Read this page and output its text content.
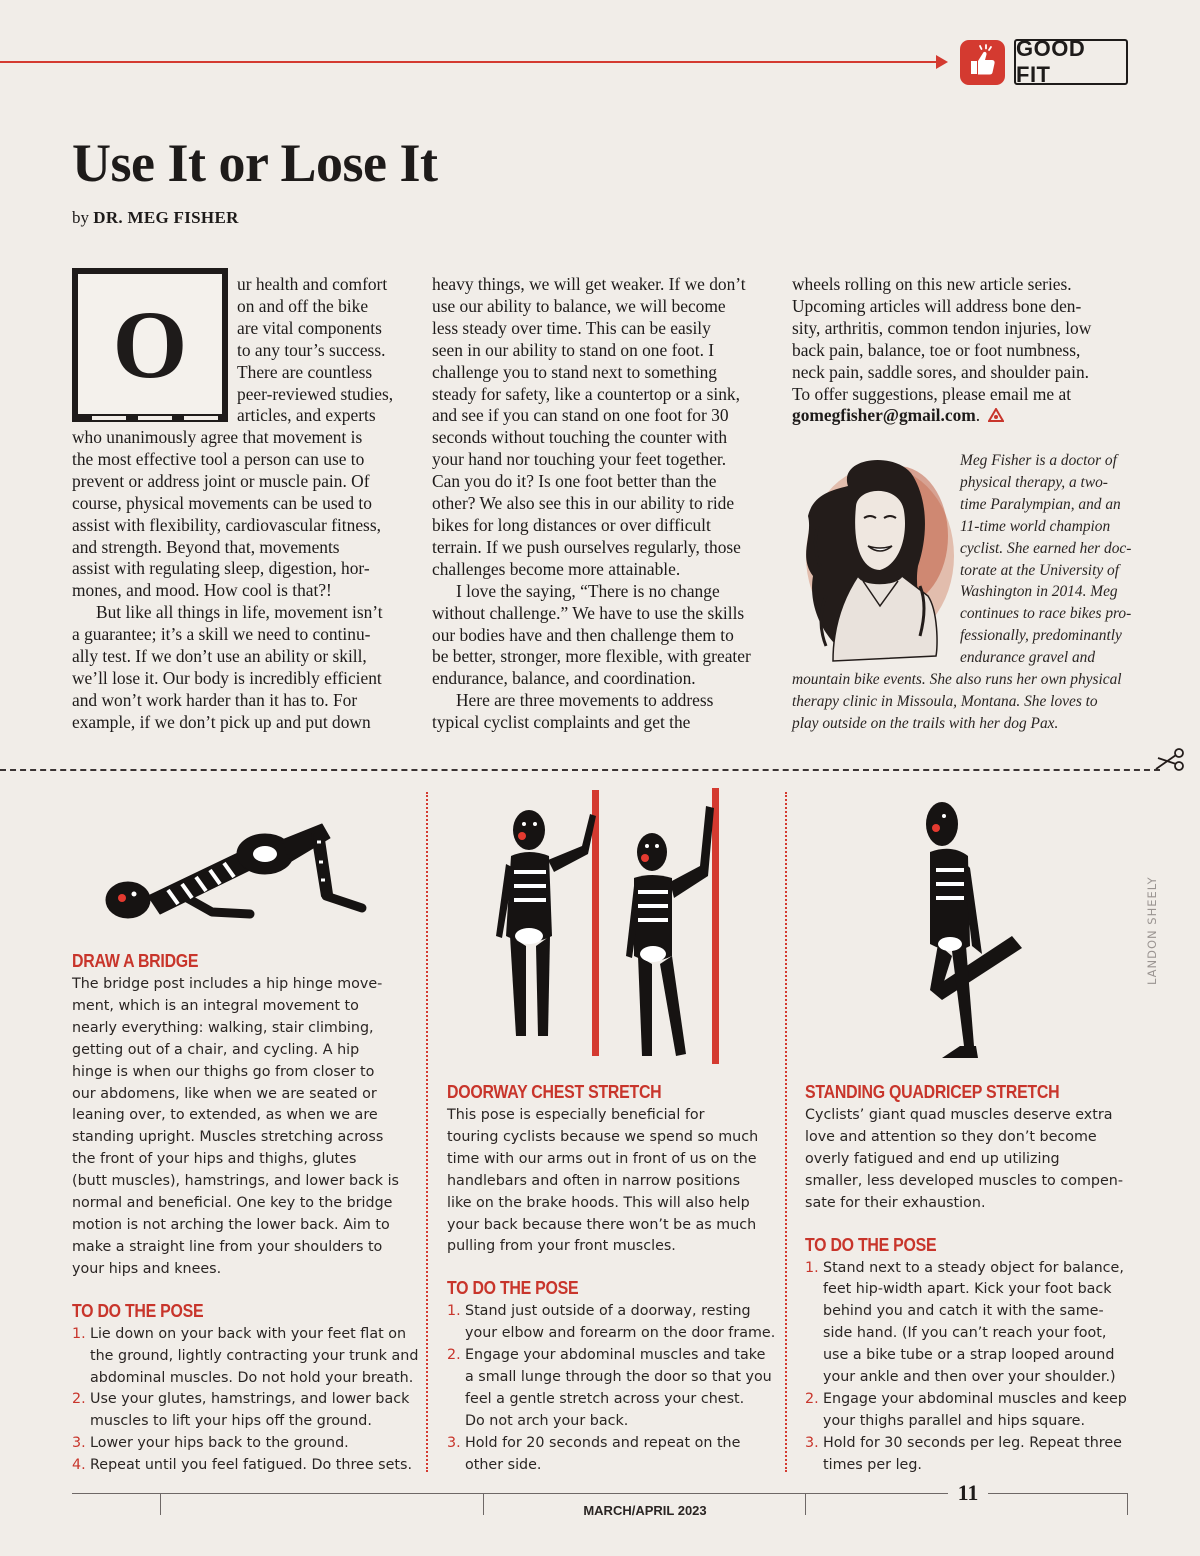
GOOD FIT
Use It or Lose It
by DR. MEG FISHER
O
ur health and comfort
on and off the bike
are vital components
to any tour’s success.
There are countless
peer-reviewed studies,
articles, and experts
who unanimously agree that movement is
the most effective tool a person can use to
prevent or address joint or muscle pain. Of
course, physical movements can be used to
assist with flexibility, cardiovascular fitness,
and strength. Beyond that, movements
assist with regulating sleep, digestion, hor-
mones, and mood. How cool is that?!
But like all things in life, movement isn’t
a guarantee; it’s a skill we need to continu-
ally test. If we don’t use an ability or skill,
we’ll lose it. Our body is incredibly efficient
and won’t work harder than it has to. For
example, if we don’t pick up and put down
heavy things, we will get weaker. If we don’t
use our ability to balance, we will become
less steady over time. This can be easily
seen in our ability to stand on one foot. I
challenge you to stand next to something
steady for safety, like a countertop or a sink,
and see if you can stand on one foot for 30
seconds without touching the counter with
your hand nor touching your feet together.
Can you do it? Is one foot better than the
other? We also see this in our ability to ride
bikes for long distances or over difficult
terrain. If we push ourselves regularly, those
challenges become more attainable.
I love the saying, “There is no change
without challenge.” We have to use the skills
our bodies have and then challenge them to
be better, stronger, more flexible, with greater
endurance, balance, and coordination.
Here are three movements to address
typical cyclist complaints and get the
wheels rolling on this new article series.
Upcoming articles will address bone den-
sity, arthritis, common tendon injuries, low
back pain, balance, toe or foot numbness,
neck pain, saddle sores, and shoulder pain.
To offer suggestions, please email me at
gomegfisher@gmail.com.
Meg Fisher is a doctor of
physical therapy, a two-
time Paralympian, and an
11-time world champion
cyclist. She earned her doc-
torate at the University of
Washington in 2014. Meg
continues to race bikes pro-
fessionally, predominantly
endurance gravel and
mountain bike events. She also runs her own physical
therapy clinic in Missoula, Montana. She loves to
play outside on the trails with her dog Pax.
LANDON SHEELY
DRAW A BRIDGE
The bridge post includes a hip hinge move-
ment, which is an integral movement to
nearly everything: walking, stair climbing,
getting out of a chair, and cycling. A hip
hinge is when our thighs go from closer to
our abdomens, like when we are seated or
leaning over, to extended, as when we are
standing upright. Muscles stretching across
the front of your hips and thighs, glutes
(butt muscles), hamstrings, and lower back is
normal and beneficial. One key to the bridge
motion is not arching the lower back. Aim to
make a straight line from your shoulders to
your hips and knees.
TO DO THE POSE
1. Lie down on your back with your feet flat on
the ground, lightly contracting your trunk and
abdominal muscles. Do not hold your breath.
2. Use your glutes, hamstrings, and lower back
muscles to lift your hips off the ground.
3. Lower your hips back to the ground.
4. Repeat until you feel fatigued. Do three sets.
DOORWAY CHEST STRETCH
This pose is especially beneficial for
touring cyclists because we spend so much
time with our arms out in front of us on the
handlebars and often in narrow positions
like on the brake hoods. This will also help
your back because there won’t be as much
pulling from your front muscles.
TO DO THE POSE
1. Stand just outside of a doorway, resting
your elbow and forearm on the door frame.
2. Engage your abdominal muscles and take
a small lunge through the door so that you
feel a gentle stretch across your chest.
Do not arch your back.
3. Hold for 20 seconds and repeat on the
other side.
STANDING QUADRICEP STRETCH
Cyclists’ giant quad muscles deserve extra
love and attention so they don’t become
overly fatigued and end up utilizing
smaller, less developed muscles to compen-
sate for their exhaustion.
TO DO THE POSE
1. Stand next to a steady object for balance,
feet hip-width apart. Kick your foot back
behind you and catch it with the same-
side hand. (If you can’t reach your foot,
use a bike tube or a strap looped around
your ankle and then over your shoulder.)
2. Engage your abdominal muscles and keep
your thighs parallel and hips square.
3. Hold for 30 seconds per leg. Repeat three
times per leg.
MARCH/APRIL 2023
11
